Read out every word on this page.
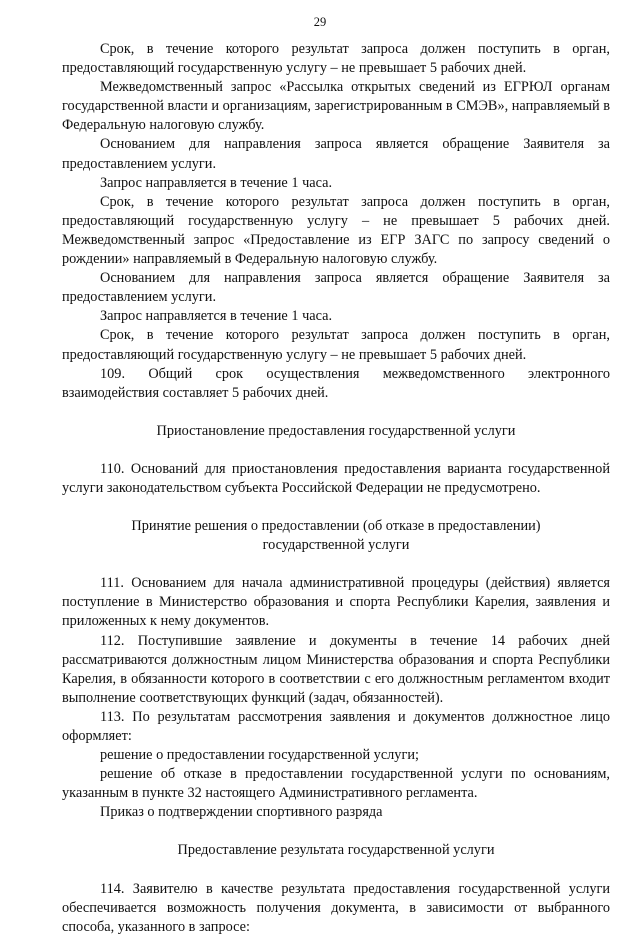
29

Срок, в течение которого результат запроса должен поступить в орган, предоставляющий государственную услугу – не превышает 5 рабочих дней.

Межведомственный запрос «Рассылка открытых сведений из ЕГРЮЛ органам государственной власти и организациям, зарегистрированным в СМЭВ», направляемый в Федеральную налоговую службу.

Основанием для направления запроса является обращение Заявителя за предоставлением услуги.

Запрос направляется в течение 1 часа.

Срок, в течение которого результат запроса должен поступить в орган, предоставляющий государственную услугу – не превышает 5 рабочих дней. Межведомственный запрос «Предоставление из ЕГР ЗАГС по запросу сведений о рождении» направляемый в Федеральную налоговую службу.

Основанием для направления запроса является обращение Заявителя за предоставлением услуги.

Запрос направляется в течение 1 часа.

Срок, в течение которого результат запроса должен поступить в орган, предоставляющий государственную услугу – не превышает 5 рабочих дней.

109. Общий срок осуществления межведомственного электронного взаимодействия составляет 5 рабочих дней.

Приостановление предоставления государственной услуги

110. Оснований для приостановления предоставления варианта государственной услуги законодательством субъекта Российской Федерации не предусмотрено.

Принятие решения о предоставлении (об отказе в предоставлении)

государственной услуги

111. Основанием для начала административной процедуры (действия) является поступление в Министерство образования и спорта Республики Карелия, заявления и приложенных к нему документов.

112. Поступившие заявление и документы в течение 14 рабочих дней рассматриваются должностным лицом Министерства образования и спорта Республики Карелия, в обязанности которого в соответствии с его должностным регламентом входит выполнение соответствующих функций (задач, обязанностей).

113. По результатам рассмотрения заявления и документов должностное лицо оформляет:

решение о предоставлении государственной услуги;

решение об отказе в предоставлении государственной услуги по основаниям, указанным в пункте 32 настоящего Административного регламента.

Приказ о подтверждении спортивного разряда

Предоставление результата государственной услуги

114. Заявителю в качестве результата предоставления государственной услуги обеспечивается возможность получения документа, в зависимости от выбранного способа, указанного в запросе:
